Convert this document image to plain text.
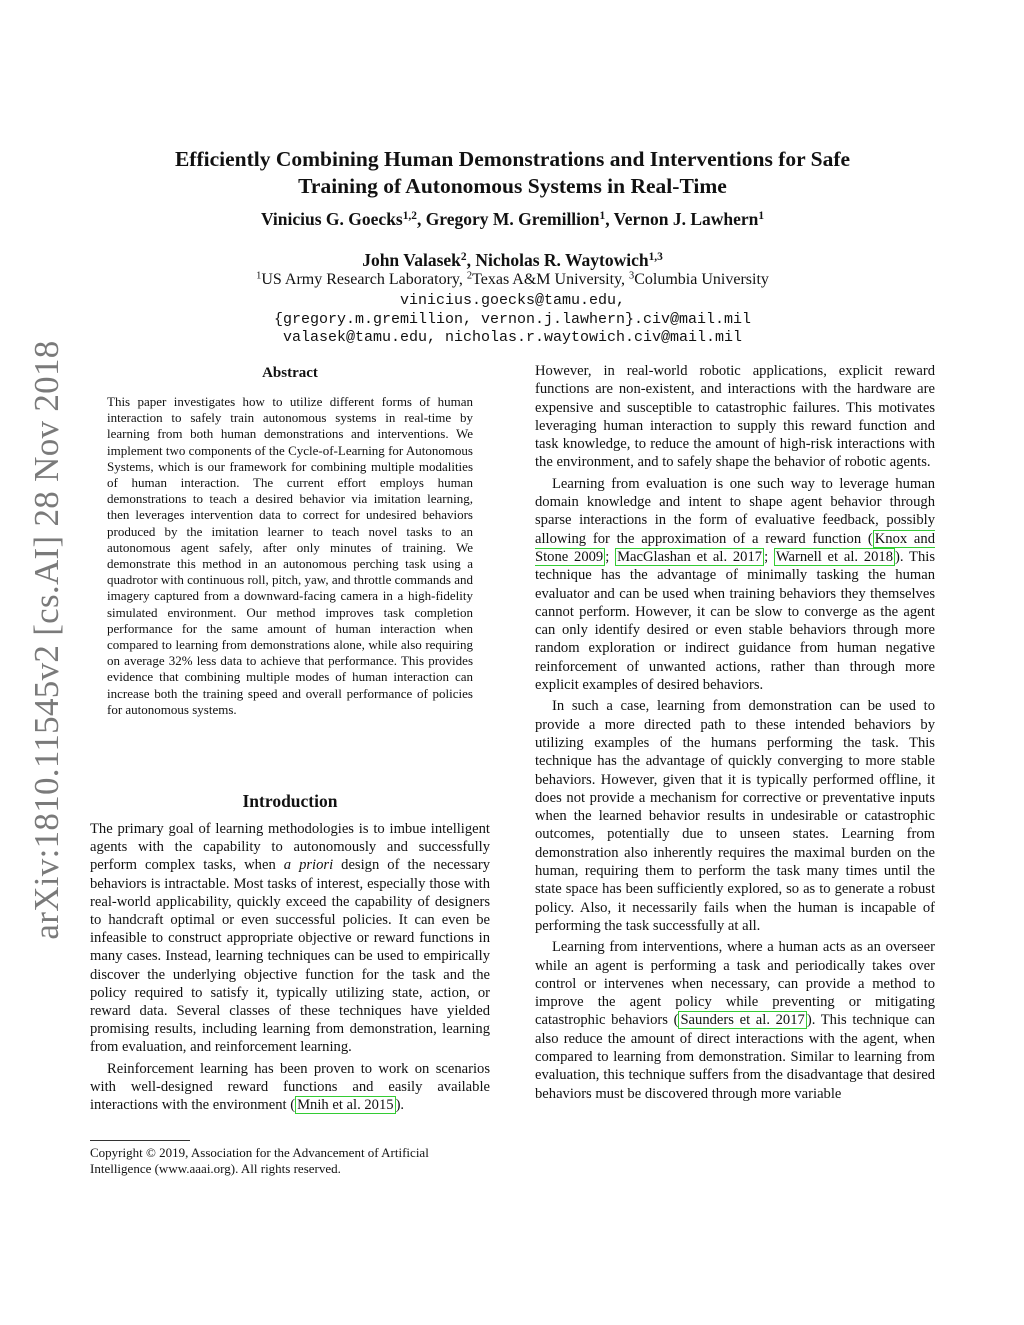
arXiv:1810.11545v2 [cs.AI] 28 Nov 2018
Efficiently Combining Human Demonstrations and Interventions for Safe
Training of Autonomous Systems in Real-Time
Vinicius G. Goecks$^{1,2}$, Gregory M. Gremillion$^1$, Vernon J. Lawhern$^1$
John Valasek$^2$, Nicholas R. Waytowich$^{1,3}$
$^1$US Army Research Laboratory, $^2$Texas A&M University, $^3$Columbia University
vinicius.goecks@tamu.edu,
{gregory.m.gremillion, vernon.j.lawhern}.civ@mail.mil
valasek@tamu.edu, nicholas.r.waytowich.civ@mail.mil
Abstract

This paper investigates how to utilize different forms of human interaction to safely train autonomous systems in real-time by learning from both human demonstrations and interventions. We implement two components of the Cycle-of-Learning for Autonomous Systems, which is our framework for combining multiple modalities of human interaction. The current effort employs human demonstrations to teach a desired behavior via imitation learning, then leverages intervention data to correct for undesired behaviors produced by the imitation learner to teach novel tasks to an autonomous agent safely, after only minutes of training. We demonstrate this method in an autonomous perching task using a quadrotor with continuous roll, pitch, yaw, and throttle commands and imagery captured from a downward-facing camera in a high-fidelity simulated environment. Our method improves task completion performance for the same amount of human interaction when compared to learning from demonstrations alone, while also requiring on average 32% less data to achieve that performance. This provides evidence that combining multiple modes of human interaction can increase both the training speed and overall performance of policies for autonomous systems.

Introduction

The primary goal of learning methodologies is to imbue intelligent agents with the capability to autonomously and successfully perform complex tasks, when a priori design of the necessary behaviors is intractable. Most tasks of interest, especially those with real-world applicability, quickly exceed the capability of designers to handcraft optimal or even successful policies. It can even be infeasible to construct appropriate objective or reward functions in many cases. Instead, learning techniques can be used to empirically discover the underlying objective function for the task and the policy required to satisfy it, typically utilizing state, action, or reward data. Several classes of these techniques have yielded promising results, including learning from demonstration, learning from evaluation, and reinforcement learning.

Reinforcement learning has been proven to work on scenarios with well-designed reward functions and easily available interactions with the environment ( Mnih et al. 2015 ).

Copyright © 2019, Association for the Advancement of Artificial Intelligence (www.aaai.org). All rights reserved.

However, in real-world robotic applications, explicit reward functions are non-existent, and interactions with the hardware are expensive and susceptible to catastrophic failures. This motivates leveraging human interaction to supply this reward function and task knowledge, to reduce the amount of high-risk interactions with the environment, and to safely shape the behavior of robotic agents.

Learning from evaluation is one such way to leverage human domain knowledge and intent to shape agent behavior through sparse interactions in the form of evaluative feedback, possibly allowing for the approximation of a reward function ( Knox and Stone 2009 ; MacGlashan et al. 2017 ; Warnell et al. 2018 ). This technique has the advantage of minimally tasking the human evaluator and can be used when training behaviors they themselves cannot perform. However, it can be slow to converge as the agent can only identify desired or even stable behaviors through more random exploration or indirect guidance from human negative reinforcement of unwanted actions, rather than through more explicit examples of desired behaviors.

In such a case, learning from demonstration can be used to provide a more directed path to these intended behaviors by utilizing examples of the humans performing the task. This technique has the advantage of quickly converging to more stable behaviors. However, given that it is typically performed offline, it does not provide a mechanism for corrective or preventative inputs when the learned behavior results in undesirable or catastrophic outcomes, potentially due to unseen states. Learning from demonstration also inherently requires the maximal burden on the human, requiring them to perform the task many times until the state space has been sufficiently explored, so as to generate a robust policy. Also, it necessarily fails when the human is incapable of performing the task successfully at all.

Learning from interventions, where a human acts as an overseer while an agent is performing a task and periodically takes over control or intervenes when necessary, can provide a method to improve the agent policy while preventing or mitigating catastrophic behaviors ( Saunders et al. 2017 ). This technique can also reduce the amount of direct interactions with the agent, when compared to learning from demonstration. Similar to learning from evaluation, this technique suffers from the disadvantage that desired behaviors must be discovered through more variable
